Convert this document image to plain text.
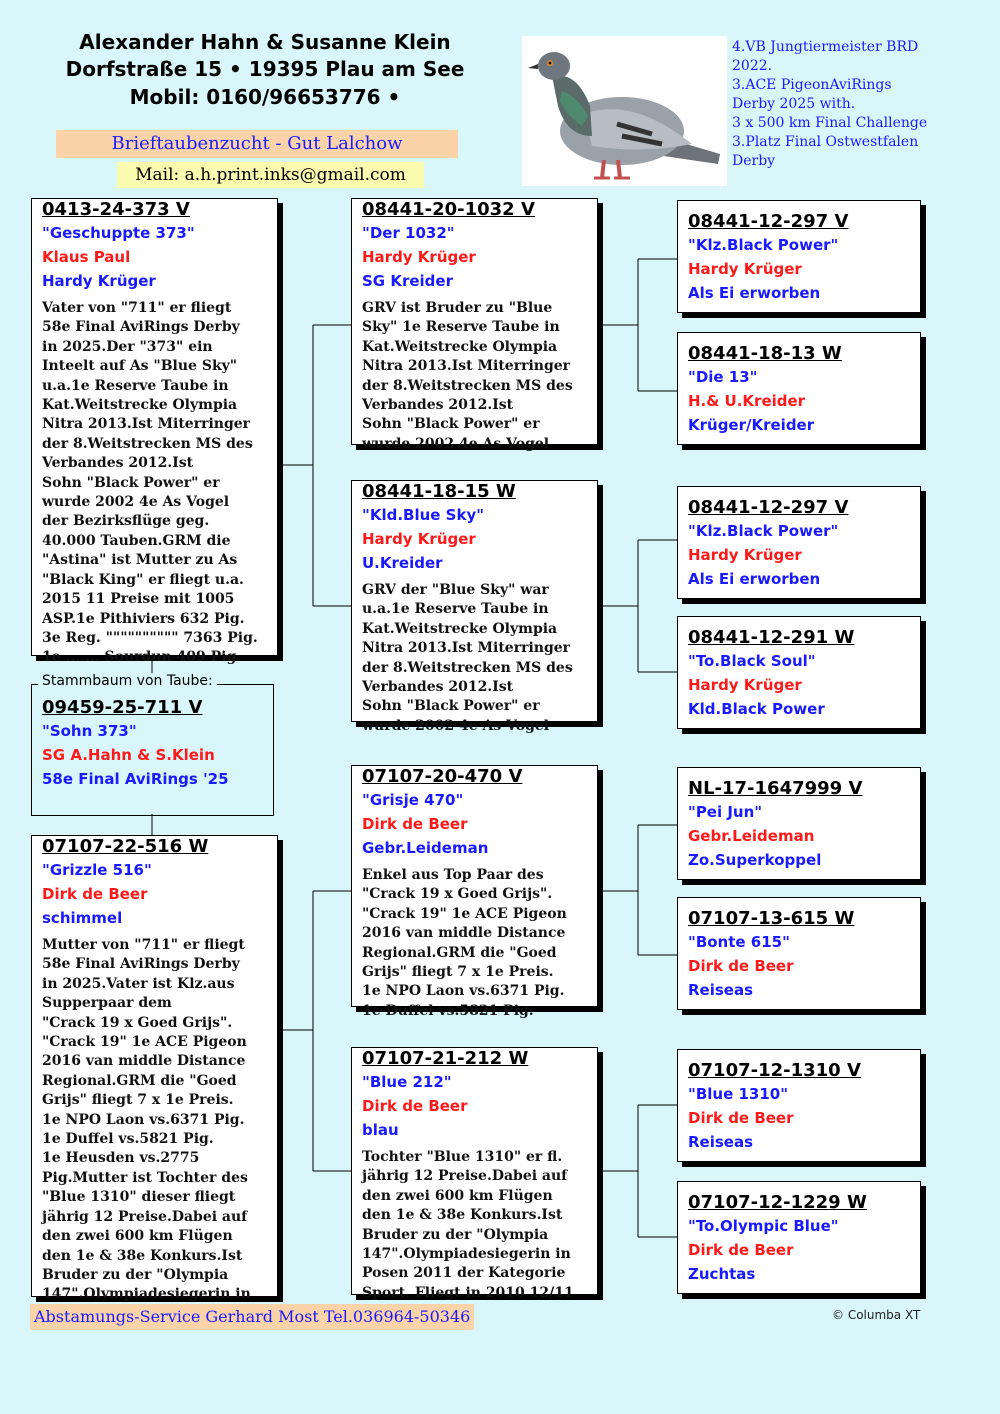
Alexander Hahn & Susanne Klein
Dorfstraße 15 • 19395 Plau am See
Mobil: 0160/96653776 •
Brieftaubenzucht - Gut Lalchow
Mail: a.h.print.inks@gmail.com
4.VB Jungtiermeister BRD
2022.
3.ACE PigeonAviRings
Derby 2025 with.
3 x 500 km Final Challenge
3.Platz Final Ostwestfalen
Derby
0413-24-373 V
"Geschuppte 373"
Klaus Paul
Hardy Krüger
Vater von "711" er fliegt
58e Final AviRings Derby
in 2025.Der "373" ein
Inteelt auf As "Blue Sky"
u.a.1e Reserve Taube in
Kat.Weitstrecke Olympia
Nitra 2013.Ist Miterringer
der 8.Weitstrecken MS des
Verbandes 2012.Ist
Sohn "Black Power" er
wurde 2002 4e As Vogel
der Bezirksflüge geg.
40.000 Tauben.GRM die
"Astina" ist Mutter zu As
"Black King" er fliegt u.a.
2015 11 Preise mit 1005
ASP.1e Pithiviers 632 Pig.
3e Reg. """""""""" 7363 Pig.
1e ....... Sourdun 409 Pig.
09459-25-711 V
"Sohn 373"
SG A.Hahn & S.Klein
58e Final AviRings '25
Stammbaum von Taube:
07107-22-516 W
"Grizzle 516"
Dirk de Beer
schimmel
Mutter von "711" er fliegt
58e Final AviRings Derby
in 2025.Vater ist Klz.aus
Supperpaar dem
"Crack 19 x Goed Grijs".
"Crack 19" 1e ACE Pigeon
2016 van middle Distance
Regional.GRM die "Goed
Grijs" fliegt 7 x 1e Preis.
1e NPO Laon vs.6371 Pig.
1e Duffel vs.5821 Pig.
1e Heusden vs.2775
Pig.Mutter ist Tochter des
"Blue 1310" dieser fliegt
jährig 12 Preise.Dabei auf
den zwei 600 km Flügen
den 1e & 38e Konkurs.Ist
Bruder zu der "Olympia
147".Olympiadesiegerin in
08441-20-1032 V
"Der 1032"
Hardy Krüger
SG Kreider
GRV ist Bruder zu "Blue
Sky" 1e Reserve Taube in
Kat.Weitstrecke Olympia
Nitra 2013.Ist Miterringer
der 8.Weitstrecken MS des
Verbandes 2012.Ist
Sohn "Black Power" er
wurde 2002 4e As Vogel
08441-18-15 W
"Kld.Blue Sky"
Hardy Krüger
U.Kreider
GRV der "Blue Sky" war
u.a.1e Reserve Taube in
Kat.Weitstrecke Olympia
Nitra 2013.Ist Miterringer
der 8.Weitstrecken MS des
Verbandes 2012.Ist
Sohn "Black Power" er
wurde 2002 4e As Vogel
07107-20-470 V
"Grisje 470"
Dirk de Beer
Gebr.Leideman
Enkel aus Top Paar des
"Crack 19 x Goed Grijs".
"Crack 19" 1e ACE Pigeon
2016 van middle Distance
Regional.GRM die "Goed
Grijs" fliegt 7 x 1e Preis.
1e NPO Laon vs.6371 Pig.
1e Duffel vs.5821 Pig.
07107-21-212 W
"Blue 212"
Dirk de Beer
blau
Tochter "Blue 1310" er fl.
jährig 12 Preise.Dabei auf
den zwei 600 km Flügen
den 1e & 38e Konkurs.Ist
Bruder zu der "Olympia
147".Olympiadesiegerin in
Posen 2011 der Kategorie
Sport. Fliegt in 2010 12/11
08441-12-297 V
"Klz.Black Power"
Hardy Krüger
Als Ei erworben
08441-18-13 W
"Die 13"
H.& U.Kreider
Krüger/Kreider
08441-12-297 V
"Klz.Black Power"
Hardy Krüger
Als Ei erworben
08441-12-291 W
"To.Black Soul"
Hardy Krüger
Kld.Black Power
NL-17-1647999 V
"Pei Jun"
Gebr.Leideman
Zo.Superkoppel
07107-13-615 W
"Bonte 615"
Dirk de Beer
Reiseas
07107-12-1310 V
"Blue 1310"
Dirk de Beer
Reiseas
07107-12-1229 W
"To.Olympic Blue"
Dirk de Beer
Zuchtas
Abstamungs-Service Gerhard Most Tel.036964-50346	© Columba XT
